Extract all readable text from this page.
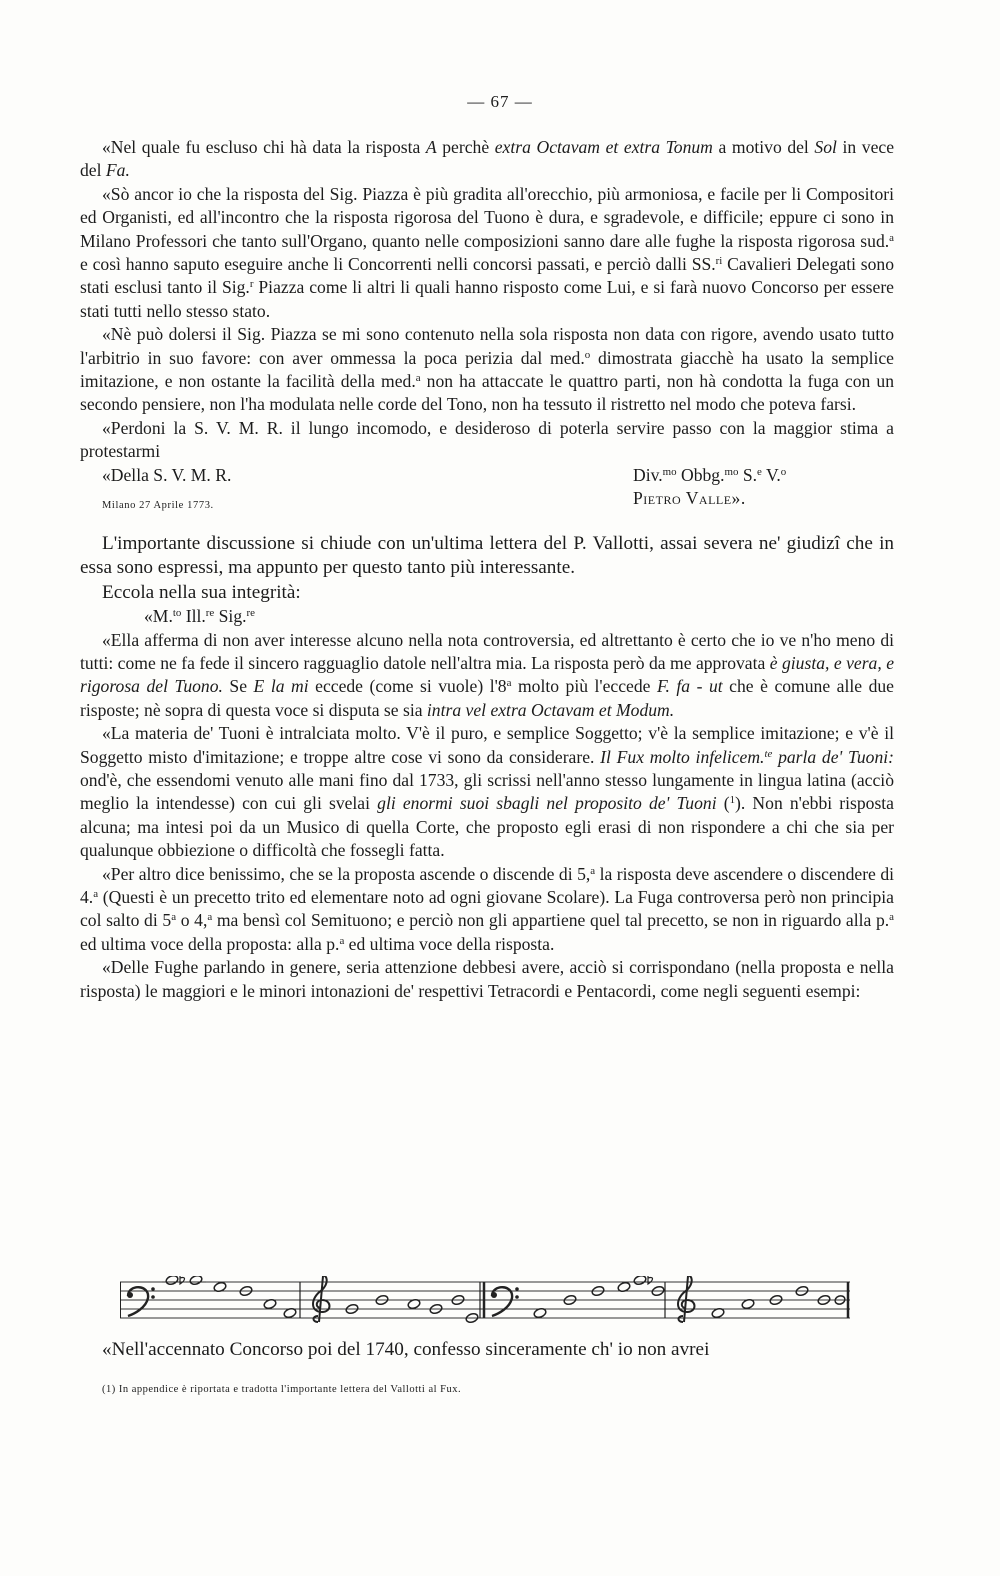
— 67 —

«Nel quale fu escluso chi hà data la risposta A perchè extra Octavam et extra Tonum a motivo del Sol in vece del Fa.

«Sò ancor io che la risposta del Sig. Piazza è più gradita all'orecchio, più armoniosa, e facile per li Compositori ed Organisti, ed all'incontro che la risposta rigorosa del Tuono è dura, e sgradevole, e difficile; eppure ci sono in Milano Professori che tanto sull'Organo, quanto nelle composizioni sanno dare alle fughe la risposta rigorosa sud.$^a$ e così hanno saputo eseguire anche li Concorrenti nelli concorsi passati, e perciò dalli SS.$^{ri}$ Cavalieri Delegati sono stati esclusi tanto il Sig.$^r$ Piazza come li altri li quali hanno risposto come Lui, e si farà nuovo Concorso per essere stati tutti nello stesso stato.

«Nè può dolersi il Sig. Piazza se mi sono contenuto nella sola risposta non data con rigore, avendo usato tutto l'arbitrio in suo favore: con aver ommessa la poca perizia dal med.$^o$ dimostrata giacchè ha usato la semplice imitazione, e non ostante la facilità della med.$^a$ non ha attaccate le quattro parti, non hà condotta la fuga con un secondo pensiere, non l'ha modulata nelle corde del Tono, non ha tessuto il ristretto nel modo che poteva farsi.

«Perdoni la S. V. M. R. il lungo incomodo, e desideroso di poterla servire passo con la maggior stima a protestarmi

«Della S. V. M. R.	Div.$^{mo}$ Obbg.$^{mo}$ S.$^e$ V.$^o$
Milano 27 Aprile 1773.	Pietro Valle».

L'importante discussione si chiude con un'ultima lettera del P. Vallotti, assai severa ne' giudizî che in essa sono espressi, ma appunto per questo tanto più interessante.

Eccola nella sua integrità:

«M.$^{to}$ Ill.$^{re}$ Sig.$^{re}$

«Ella afferma di non aver interesse alcuno nella nota controversia, ed altrettanto è certo che io ve n'ho meno di tutti: come ne fa fede il sincero ragguaglio datole nell'altra mia. La risposta però da me approvata è giusta, e vera, e rigorosa del Tuono. Se E la mi eccede (come si vuole) l'8$^a$ molto più l'eccede F. fa - ut che è comune alle due risposte; nè sopra di questa voce si disputa se sia intra vel extra Octavam et Modum.

«La materia de' Tuoni è intralciata molto. V'è il puro, e semplice Soggetto; v'è la semplice imitazione; e v'è il Soggetto misto d'imitazione; e troppe altre cose vi sono da considerare. Il Fux molto infelicem.$^{te}$ parla de' Tuoni: ond'è, che essendomi venuto alle mani fino dal 1733, gli scrissi nell'anno stesso lungamente in lingua latina (acciò meglio la intendesse) con cui gli svelai gli enormi suoi sbagli nel proposito de' Tuoni ($^1$). Non n'ebbi risposta alcuna; ma intesi poi da un Musico di quella Corte, che proposto egli erasi di non rispondere a chi che sia per qualunque obbiezione o difficoltà che fossegli fatta.

«Per altro dice benissimo, che se la proposta ascende o discende di 5,$^a$ la risposta deve ascendere o discendere di 4.$^a$ (Questi è un precetto trito ed elementare noto ad ogni giovane Scolare). La Fuga controversa però non principia col salto di 5$^a$ o 4,$^a$ ma bensì col Semituono; e perciò non gli appartiene quel tal precetto, se non in riguardo alla p.$^a$ ed ultima voce della proposta: alla p.$^a$ ed ultima voce della risposta.

«Delle Fughe parlando in genere, seria attenzione debbesi avere, acciò si corrispondano (nella proposta e nella risposta) le maggiori e le minori intonazioni de' respettivi Tetracordi e Pentacordi, come negli seguenti esempi:

«Nell'accennato Concorso poi del 1740, confesso sinceramente ch' io non avrei
(1) In appendice è riportata e tradotta l'importante lettera del Vallotti al Fux.
